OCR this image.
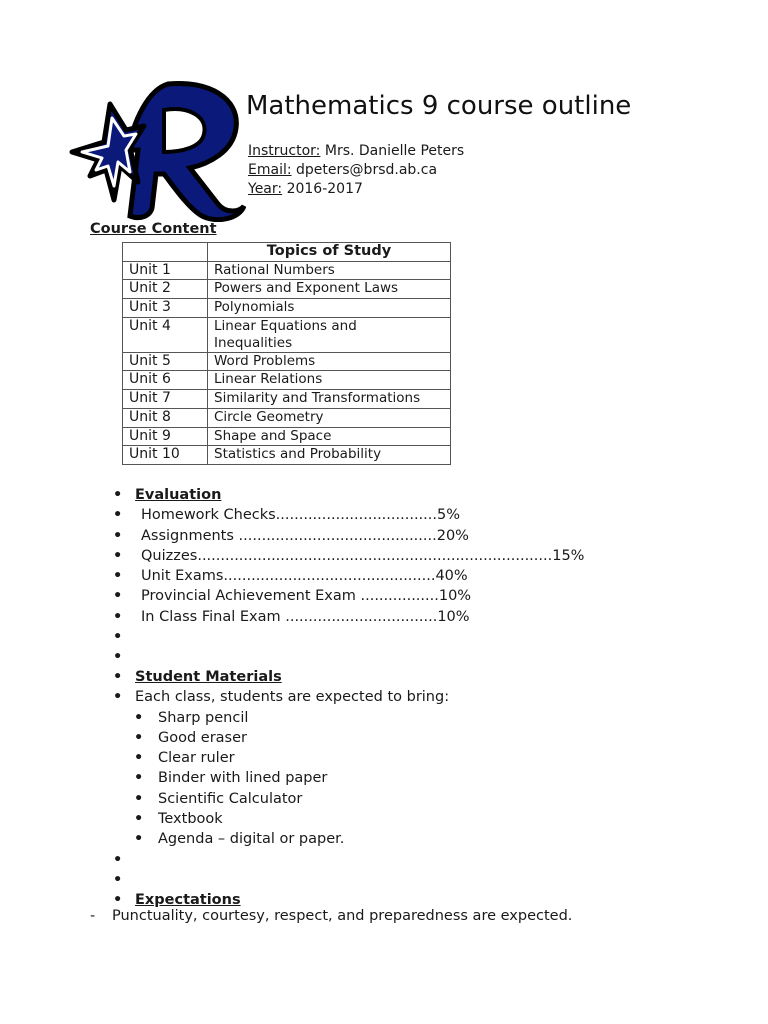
Mathematics 9 course outline
Instructor: Mrs. Danielle Peters
Email: dpeters@brsd.ab.ca
Year: 2016-2017
Course Content
	Topics of Study
Unit 1	Rational Numbers
Unit 2	Powers and Exponent Laws
Unit 3	Polynomials
Unit 4	Linear Equations and
Inequalities

Unit 5	Word Problems
Unit 6	Linear Relations
Unit 7	Similarity and Transformations
Unit 8	Circle Geometry
Unit 9	Shape and Space
Unit 10	Statistics and Probability
• Evaluation
• Homework Checks...................................5%
• Assignments ...........................................20%
• Quizzes.............................................................................15%
• Unit Exams..............................................40%
• Provincial Achievement Exam .................10%
• In Class Final Exam .................................10%
•
•
• Student Materials
• Each class, students are expected to bring:
• Sharp pencil
• Good eraser
• Clear ruler
• Binder with lined paper
• Scientific Calculator
• Textbook
• Agenda – digital or paper.
•
•
• Expectations
- Punctuality, courtesy, respect, and preparedness are expected.
